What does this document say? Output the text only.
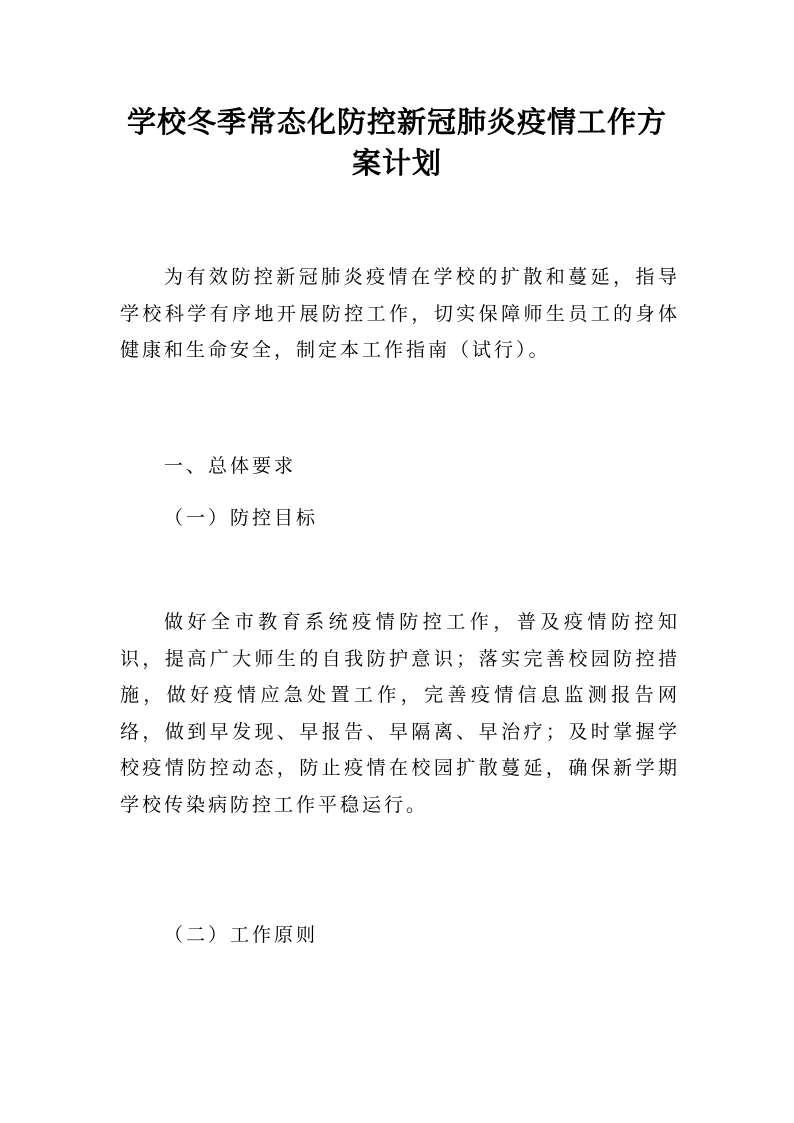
学校冬季常态化防控新冠肺炎疫情工作方
案计划

为有效防控新冠肺炎疫情在学校的扩散和蔓延，指导学校科学有序地开展防控工作，切实保障师生员工的身体健康和生命安全，制定本工作指南（试行）。

一、总体要求
（一）防控目标

做好全市教育系统疫情防控工作，普及疫情防控知识，提高广大师生的自我防护意识；落实完善校园防控措施，做好疫情应急处置工作，完善疫情信息监测报告网络，做到早发现、早报告、早隔离、早治疗；及时掌握学校疫情防控动态，防止疫情在校园扩散蔓延，确保新学期学校传染病防控工作平稳运行。

（二）工作原则
